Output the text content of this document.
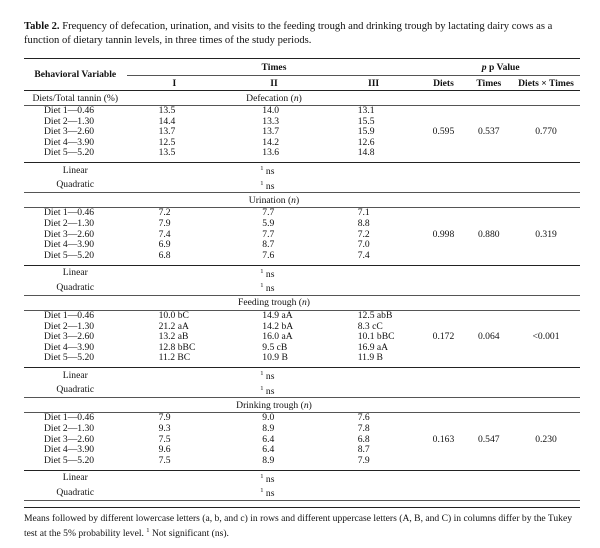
Table 2. Frequency of defecation, urination, and visits to the feeding trough and drinking trough by lactating dairy cows as a function of dietary tannin levels, in three times of the study periods.
Behavioral Variable	Times			p p Value		
	I	II	III	Diets	Times	Diets × Times
Diets/Total tannin (%)	Defecation (n)					
Diet 1—0.46	13.5	14.0	13.1	0.595	0.537	0.770
Diet 2—1.30	14.4	13.3	15.5			
Diet 3—2.60	13.7	13.7	15.9			
Diet 4—3.90	12.5	14.2	12.6			
Diet 5—5.20	13.5	13.6	14.8			

Linear		$^1$ ns				
Quadratic		$^1$ ns				
	Urination (n)					
Diet 1—0.46	7.2	7.7	7.1	0.998	0.880	0.319
Diet 2—1.30	7.9	5.9	8.8			
Diet 3—2.60	7.4	7.7	7.2			
Diet 4—3.90	6.9	8.7	7.0			
Diet 5—5.20	6.8	7.6	7.4			

Linear		$^1$ ns				
Quadratic		$^1$ ns				
	Feeding trough (n)					
Diet 1—0.46	10.0 bC	14.9 aA	12.5 abB	0.172	0.064	<0.001
Diet 2—1.30	21.2 aA	14.2 bA	8.3 cC			
Diet 3—2.60	13.2 aB	16.0 aA	10.1 bBC			
Diet 4—3.90	12.8 bBC	9.5 cB	16.9 aA			
Diet 5—5.20	11.2 BC	10.9 B	11.9 B			

Linear		$^1$ ns				
Quadratic		$^1$ ns				
	Drinking trough (n)					
Diet 1—0.46	7.9	9.0	7.6	0.163	0.547	0.230
Diet 2—1.30	9.3	8.9	7.8			
Diet 3—2.60	7.5	6.4	6.8			
Diet 4—3.90	9.6	6.4	8.7			
Diet 5—5.20	7.5	8.9	7.9			

Linear		$^1$ ns				
Quadratic		$^1$ ns				
Means followed by different lowercase letters (a, b, and c) in rows and different uppercase letters (A, B, and C) in columns differ by the Tukey test at the 5% probability level. $^1$ Not significant (ns).
